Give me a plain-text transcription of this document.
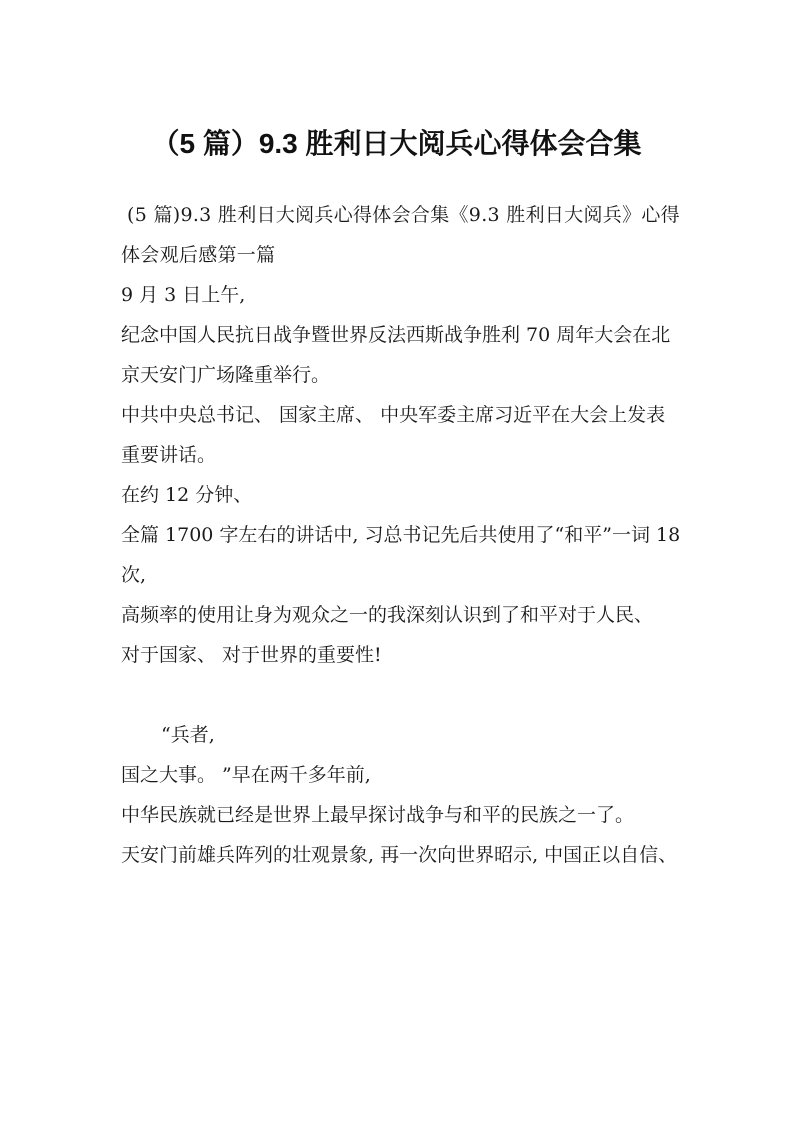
（5 篇）9.3 胜利日大阅兵心得体会合集

(5 篇)9.3 胜利日大阅兵心得体会合集《9.3 胜利日大阅兵》心得体会观后感第一篇

9 月 3 日上午,

纪念中国人民抗日战争暨世界反法西斯战争胜利 70 周年大会在北京天安门广场隆重举行。

中共中央总书记、 国家主席、 中央军委主席习近平在大会上发表重要讲话。

在约 12 分钟、

全篇 1700 字左右的讲话中, 习总书记先后共使用了“和平”一词 18 次,

高频率的使用让身为观众之一的我深刻认识到了和平对于人民、

对于国家、 对于世界的重要性!

“兵者,

国之大事。 ”早在两千多年前,

中华民族就已经是世界上最早探讨战争与和平的民族之一了。

天安门前雄兵阵列的壮观景象, 再一次向世界昭示, 中国正以自信、
